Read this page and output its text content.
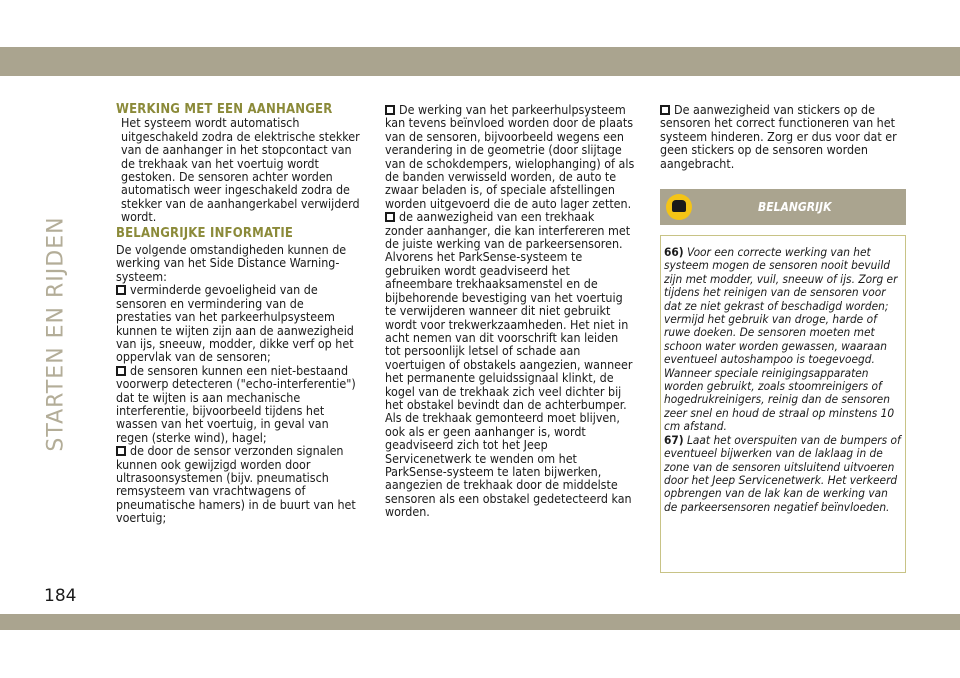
STARTEN EN RIJDEN
WERKING MET EEN AANHANGER

Het systeem wordt automatisch uitgeschakeld zodra de elektrische stekker van de aanhanger in het stopcontact van de trekhaak van het voertuig wordt gestoken. De sensoren achter worden automatisch weer ingeschakeld zodra de stekker van de aanhangerkabel verwijderd wordt.

BELANGRIJKE INFORMATIE

De volgende omstandigheden kunnen de werking van het Side Distance Warning-systeem:

verminderde gevoeligheid van de sensoren en vermindering van de prestaties van het parkeerhulpsysteem kunnen te wijten zijn aan de aanwezigheid van ijs, sneeuw, modder, dikke verf op het oppervlak van de sensoren;

de sensoren kunnen een niet-bestaand voorwerp detecteren ("echo-interferentie") dat te wijten is aan mechanische interferentie, bijvoorbeeld tijdens het wassen van het voertuig, in geval van regen (sterke wind), hagel;

de door de sensor verzonden signalen kunnen ook gewijzigd worden door ultrasoonsystemen (bijv. pneumatisch remsysteem van vrachtwagens of pneumatische hamers) in de buurt van het voertuig;

De werking van het parkeerhulpsysteem kan tevens beïnvloed worden door de plaats van de sensoren, bijvoorbeeld wegens een verandering in de geometrie (door slijtage van de schokdempers, wielophanging) of als de banden verwisseld worden, de auto te zwaar beladen is, of speciale afstellingen worden uitgevoerd die de auto lager zetten.

de aanwezigheid van een trekhaak zonder aanhanger, die kan interfereren met de juiste werking van de parkeersensoren. Alvorens het ParkSense-systeem te gebruiken wordt geadviseerd het afneembare trekhaaksamenstel en de bijbehorende bevestiging van het voertuig te verwijderen wanneer dit niet gebruikt wordt voor trekwerkzaamheden. Het niet in acht nemen van dit voorschrift kan leiden tot persoonlijk letsel of schade aan voertuigen of obstakels aangezien, wanneer het permanente geluidssignaal klinkt, de kogel van de trekhaak zich veel dichter bij het obstakel bevindt dan de achterbumper. Als de trekhaak gemonteerd moet blijven, ook als er geen aanhanger is, wordt geadviseerd zich tot het Jeep Servicenetwerk te wenden om het ParkSense-systeem te laten bijwerken, aangezien de trekhaak door de middelste sensoren als een obstakel gedetecteerd kan worden.

De aanwezigheid van stickers op de sensoren het correct functioneren van het systeem hinderen. Zorg er dus voor dat er geen stickers op de sensoren worden aangebracht.

BELANGRIJK
66) Voor een correcte werking van het systeem mogen de sensoren nooit bevuild zijn met modder, vuil, sneeuw of ijs. Zorg er tijdens het reinigen van de sensoren voor dat ze niet gekrast of beschadigd worden; vermijd het gebruik van droge, harde of ruwe doeken. De sensoren moeten met schoon water worden gewassen, waaraan eventueel autoshampoo is toegevoegd. Wanneer speciale reinigingsapparaten worden gebruikt, zoals stoomreinigers of hogedrukreinigers, reinig dan de sensoren zeer snel en houd de straal op minstens 10 cm afstand.
67) Laat het overspuiten van de bumpers of eventueel bijwerken van de laklaag in de zone van de sensoren uitsluitend uitvoeren door het Jeep Servicenetwerk. Het verkeerd opbrengen van de lak kan de werking van de parkeersensoren negatief beïnvloeden.
184
